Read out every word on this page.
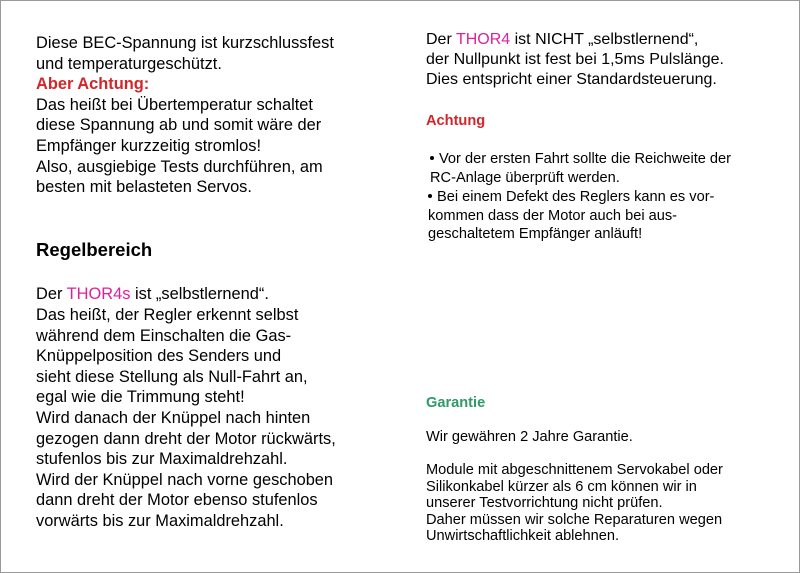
Diese BEC-Spannung ist kurzschlussfest
und temperaturgeschützt.
Aber Achtung:
Das heißt bei Übertemperatur schaltet
diese Spannung ab und somit wäre der
Empfänger kurzzeitig stromlos!
Also, ausgiebige Tests durchführen, am
besten mit belasteten Servos.
Regelbereich
Der THOR4s ist „selbstlernend“.
Das heißt, der Regler erkennt selbst
während dem Einschalten die Gas-
Knüppelposition des Senders und
sieht diese Stellung als Null-Fahrt an,
egal wie die Trimmung steht!
Wird danach der Knüppel nach hinten
gezogen dann dreht der Motor rückwärts,
stufenlos bis zur Maximaldrehzahl.
Wird der Knüppel nach vorne geschoben
dann dreht der Motor ebenso stufenlos
vorwärts bis zur Maximaldrehzahl.
Der THOR4 ist NICHT „selbstlernend“,
der Nullpunkt ist fest bei 1,5ms Pulslänge.
Dies entspricht einer Standardsteuerung.
Achtung
Vor der ersten Fahrt sollte die Reichweite der
RC-Anlage überprüft werden.
Bei einem Defekt des Reglers kann es vor-
kommen dass der Motor auch bei aus-
geschaltetem Empfänger anläuft!
Garantie
Wir gewähren 2 Jahre Garantie.
Module mit abgeschnittenem Servokabel oder
Silikonkabel kürzer als 6 cm können wir in
unserer Testvorrichtung nicht prüfen.
Daher müssen wir solche Reparaturen wegen
Unwirtschaftlichkeit ablehnen.
